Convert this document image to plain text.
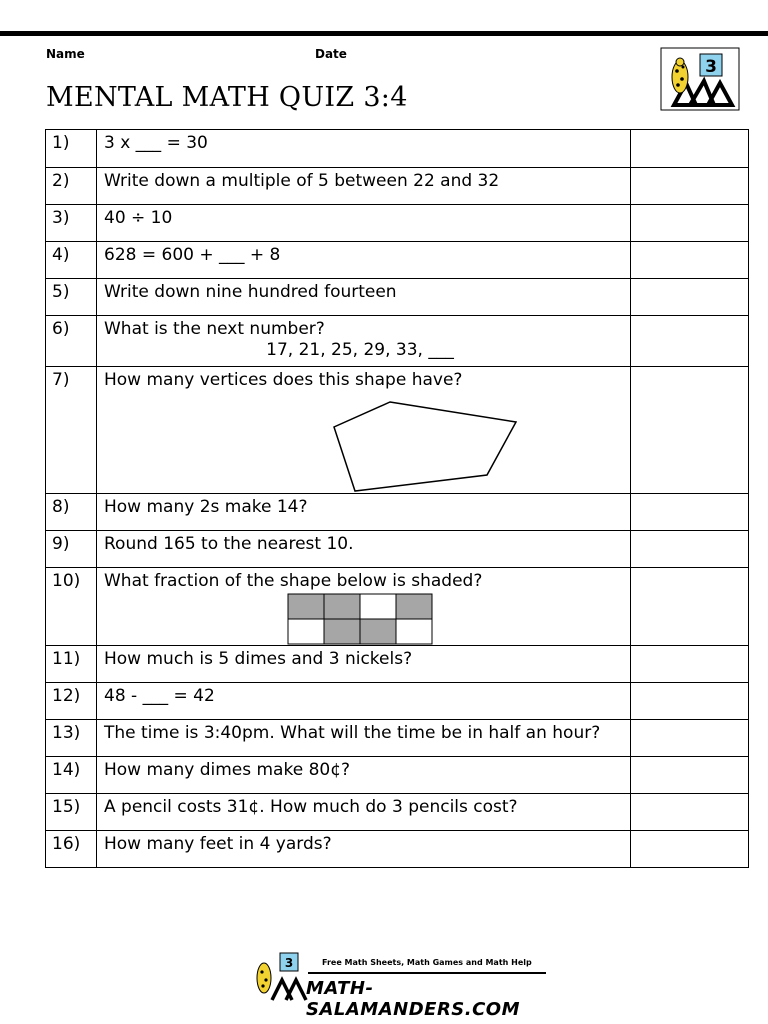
Name	Date
MENTAL MATH QUIZ 3:4
3
1)	3 x ___ = 30	
2)	Write down a multiple of 5 between 22 and 32	
3)	40 ÷ 10	
4)	628 = 600 + ___ + 8	
5)	Write down nine hundred fourteen	
6)	What is the next number?
17, 21, 25, 29, 33, ___	

7)	How many vertices does this shape have?

8)	How many 2s make 14?	
9)	Round 165 to the nearest 10.	
10)	What fraction of the shape below is shaded?

11)	How much is 5 dimes and 3 nickels?	
12)	48 - ___ = 42	
13)	The time is 3:40pm. What will the time be in half an hour?	
14)	How many dimes make 80¢?	
15)	A pencil costs 31¢. How much do 3 pencils cost?	
16)	How many feet in 4 yards?	
3	Free Math Sheets, Math Games and Math Help
MATH-SALAMANDERS.COM
